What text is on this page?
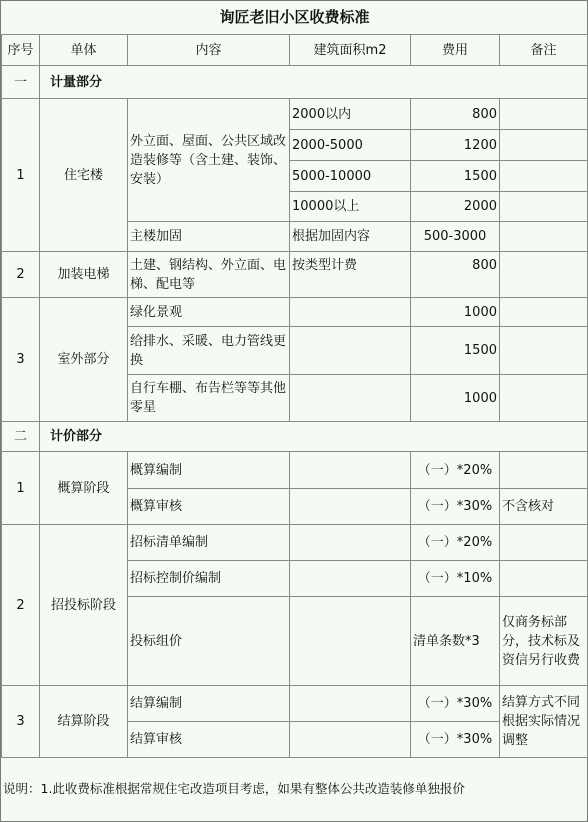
询匠老旧小区收费标准					
序号	单体	内容	建筑面积m2	费用	备注
一	计量部分				
1	住宅楼	外立面、屋面、公共区域改造装修等（含土建、装饰、安装）	2000以内	800	
			2000-5000	1200	
			5000-10000	1500	
			10000以上	2000	
		主楼加固	根据加固内容	500-3000	
2	加装电梯	土建、钢结构、外立面、电梯、配电等	按类型计费	800	
3	室外部分	绿化景观		1000	
		给排水、采暖、电力管线更换		1500	
		自行车棚、布告栏等等其他零星		1000	
二	计价部分				
1	概算阶段	概算编制		（一）*20%	
		概算审核		（一）*30%	不含核对
2	招投标阶段	招标清单编制		（一）*20%	
		招标控制价编制		（一）*10%	
		投标组价		清单条数*3	仅商务标部分，技术标及资信另行收费
3	结算阶段	结算编制		（一）*30%	结算方式不同根据实际情况调整
		结算审核		（一）*30%	
说明：1.此收费标准根据常规住宅改造项目考虑，如果有整体公共改造装修单独报价
